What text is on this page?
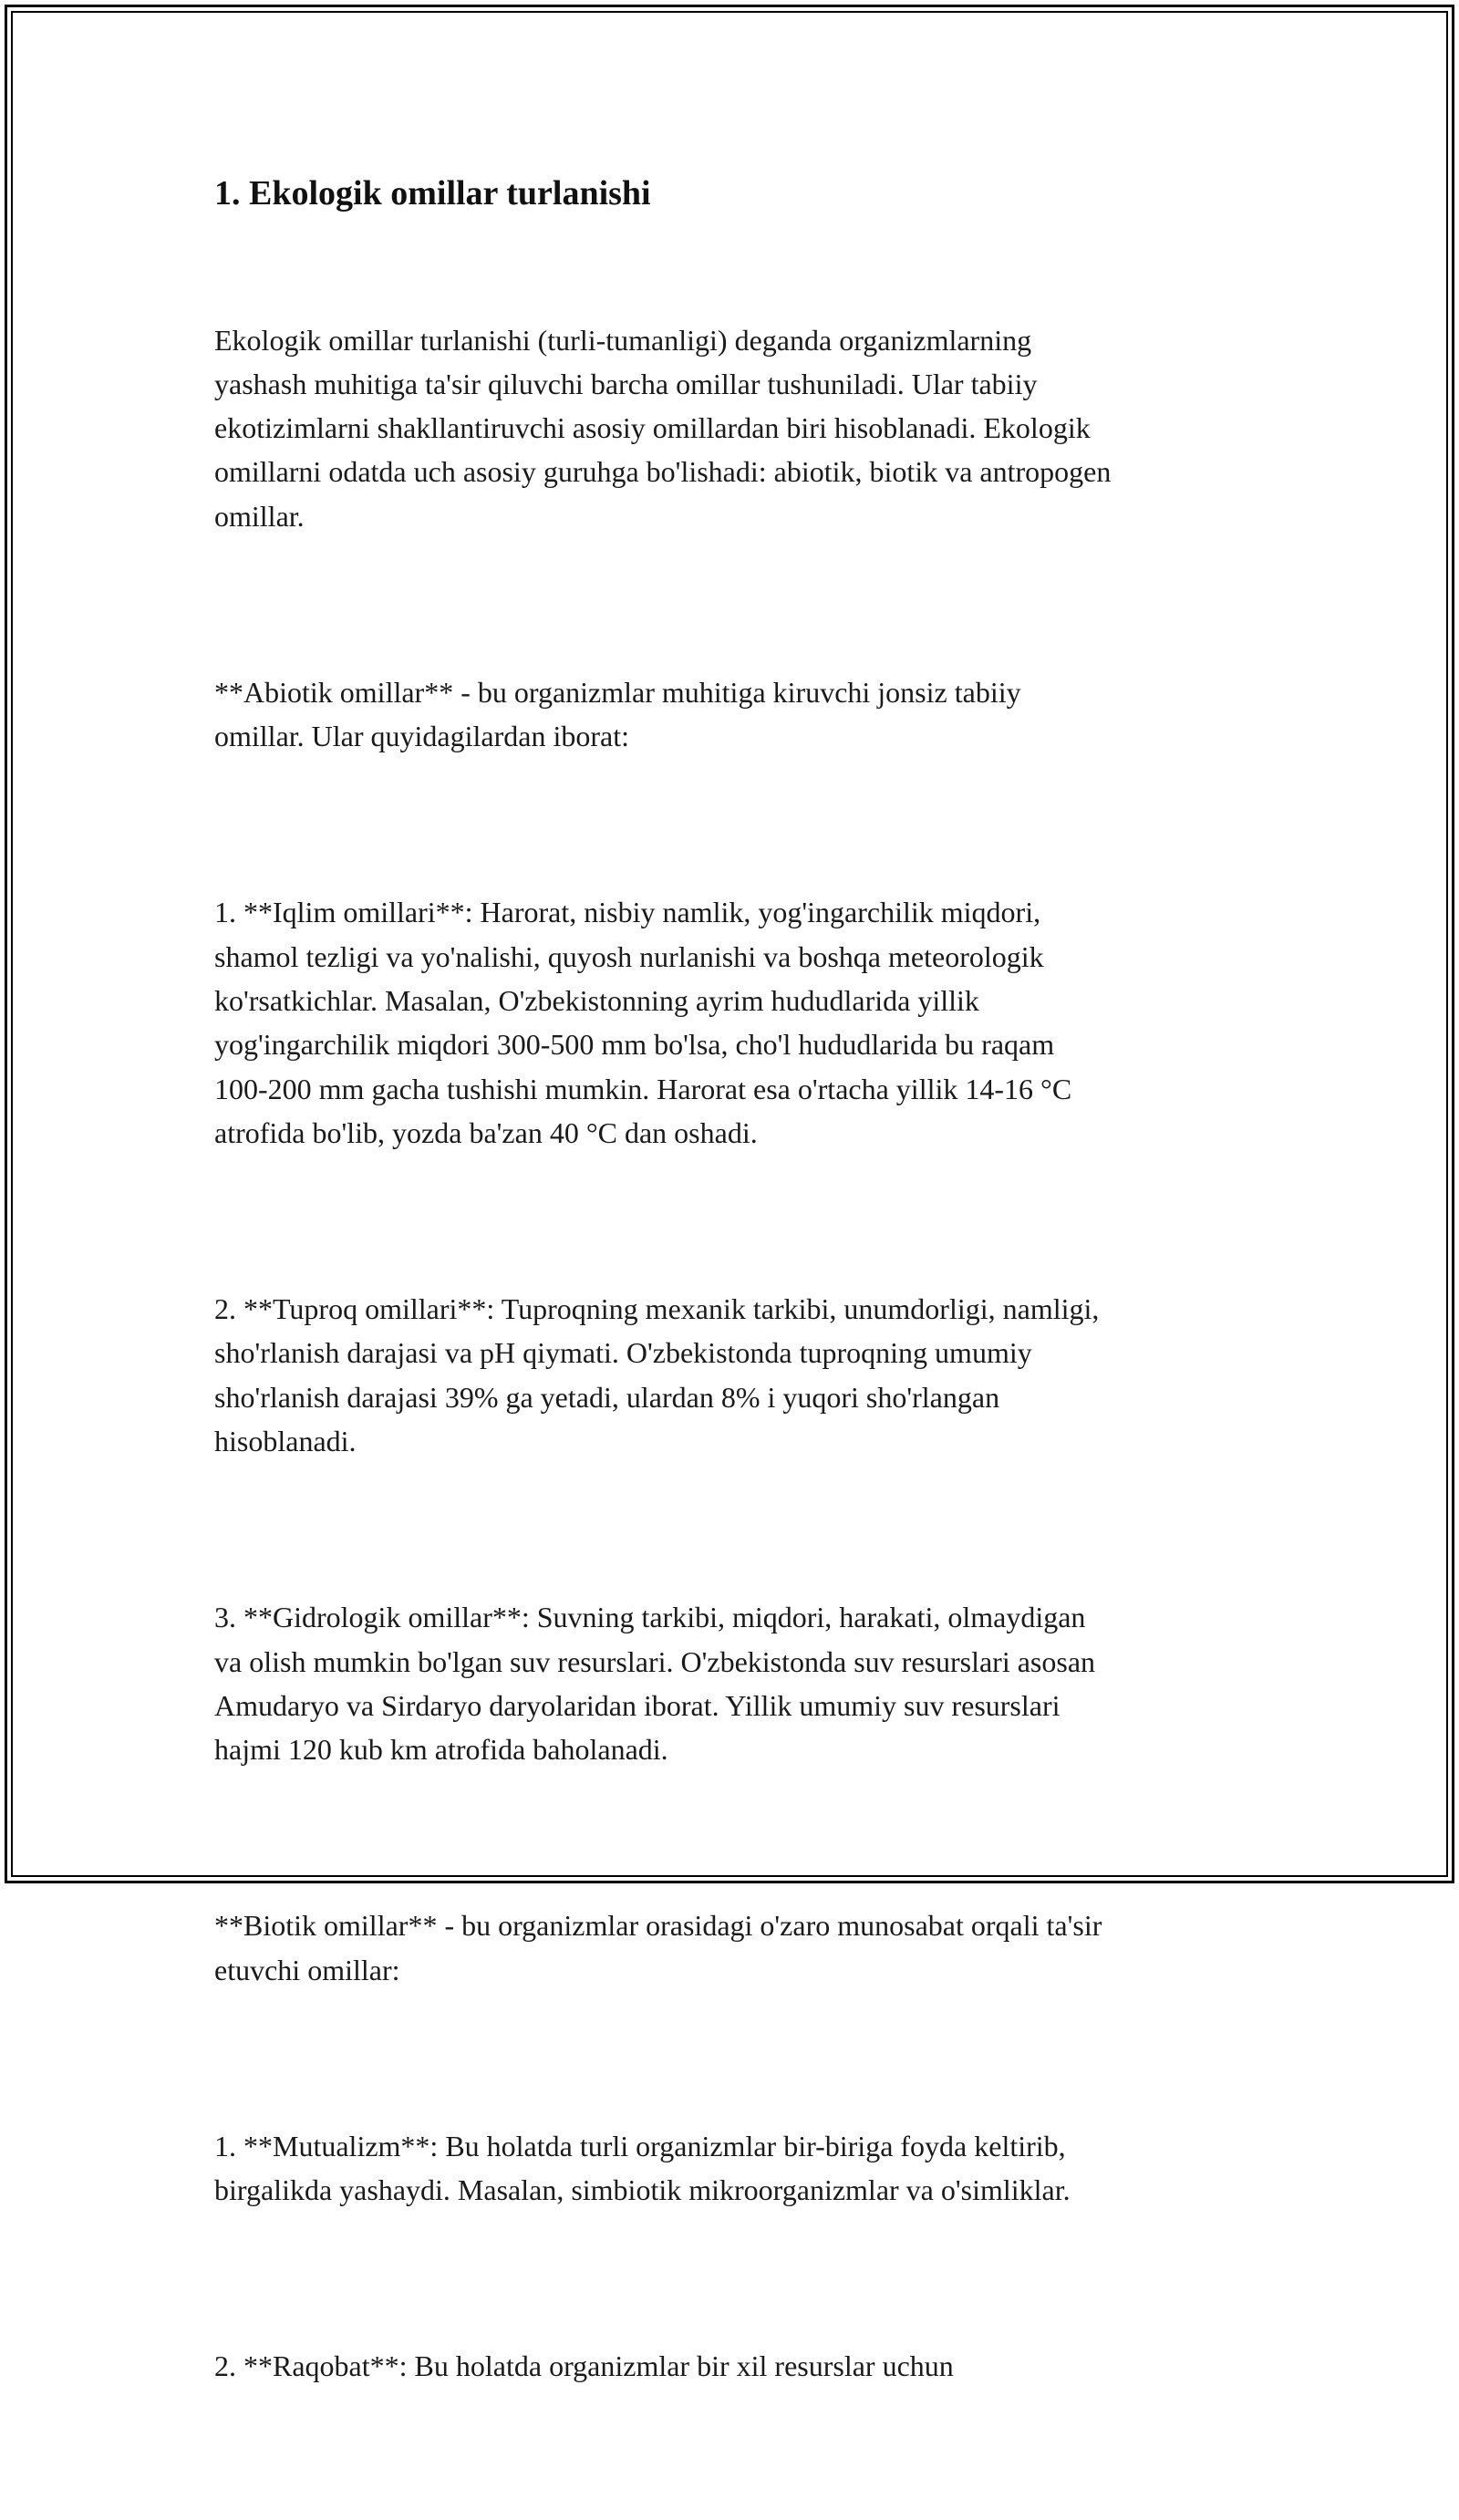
1. Ekologik omillar turlanishi

Ekologik omillar turlanishi (turli-tumanligi) deganda organizmlarning
yashash muhitiga ta'sir qiluvchi barcha omillar tushuniladi. Ular tabiiy
ekotizimlarni shakllantiruvchi asosiy omillardan biri hisoblanadi. Ekologik
omillarni odatda uch asosiy guruhga bo'lishadi: abiotik, biotik va antropogen
omillar.

**Abiotik omillar** - bu organizmlar muhitiga kiruvchi jonsiz tabiiy
omillar. Ular quyidagilardan iborat:

1. **Iqlim omillari**: Harorat, nisbiy namlik, yog'ingarchilik miqdori,
shamol tezligi va yo'nalishi, quyosh nurlanishi va boshqa meteorologik
ko'rsatkichlar. Masalan, O'zbekistonning ayrim hududlarida yillik
yog'ingarchilik miqdori 300-500 mm bo'lsa, cho'l hududlarida bu raqam
100-200 mm gacha tushishi mumkin. Harorat esa o'rtacha yillik 14-16 °C
atrofida bo'lib, yozda ba'zan 40 °C dan oshadi.

2. **Tuproq omillari**: Tuproqning mexanik tarkibi, unumdorligi, namligi,
sho'rlanish darajasi va pH qiymati. O'zbekistonda tuproqning umumiy
sho'rlanish darajasi 39% ga yetadi, ulardan 8% i yuqori sho'rlangan
hisoblanadi.

3. **Gidrologik omillar**: Suvning tarkibi, miqdori, harakati, olmaydigan
va olish mumkin bo'lgan suv resurslari. O'zbekistonda suv resurslari asosan
Amudaryo va Sirdaryo daryolaridan iborat. Yillik umumiy suv resurslari
hajmi 120 kub km atrofida baholanadi.

**Biotik omillar** - bu organizmlar orasidagi o'zaro munosabat orqali ta'sir
etuvchi omillar:

1. **Mutualizm**: Bu holatda turli organizmlar bir-biriga foyda keltirib,
birgalikda yashaydi. Masalan, simbiotik mikroorganizmlar va o'simliklar.

2. **Raqobat**: Bu holatda organizmlar bir xil resurslar uchun
